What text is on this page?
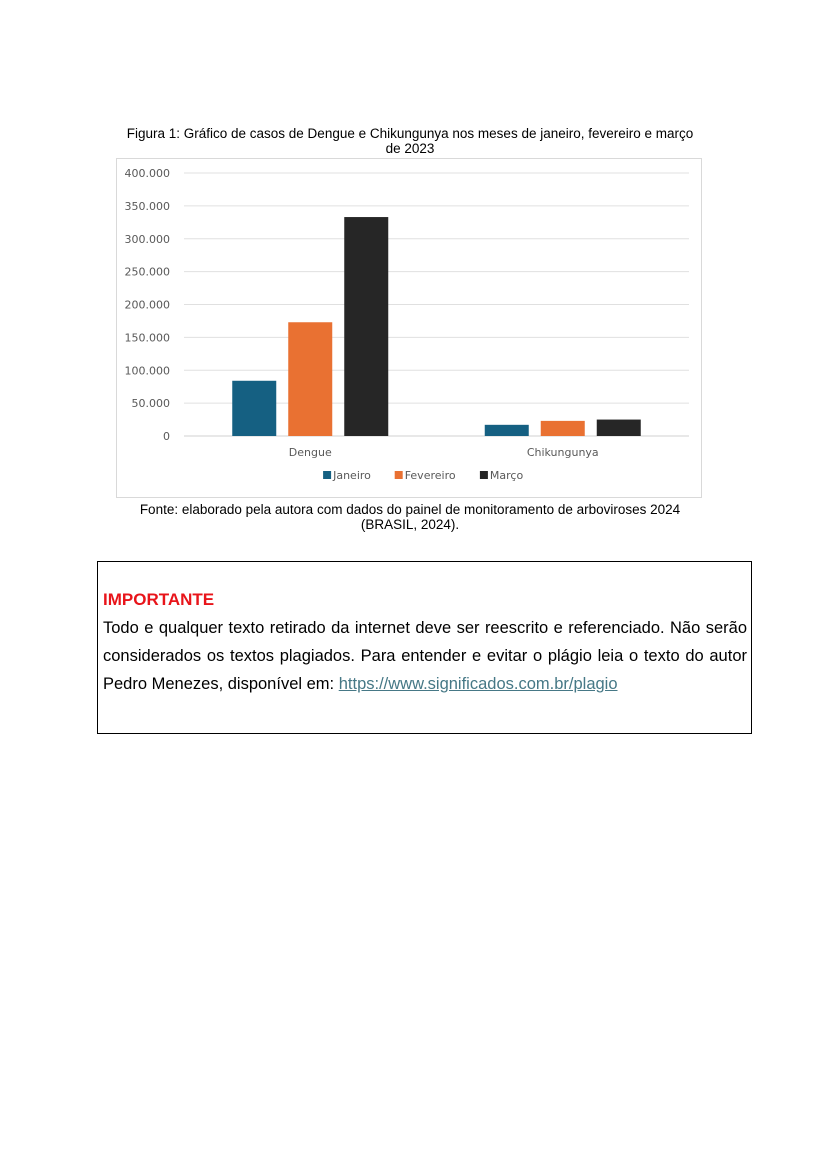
Figura 1: Gráfico de casos de Dengue e Chikungunya nos meses de janeiro, fevereiro e março
de 2023
0
50.000
100.000
150.000
200.000
250.000
300.000
350.000
400.000
Dengue	Chikungunya
Janeiro	Fevereiro	Março
Fonte: elaborado pela autora com dados do painel de monitoramento de arboviroses 2024
(BRASIL, 2024).
IMPORTANTE
Todo e qualquer texto retirado da internet deve ser reescrito e referenciado. Não serão considerados os textos plagiados. Para entender e evitar o plágio leia o texto do autor Pedro Menezes, disponível em: https://www.significados.com.br/plagio
